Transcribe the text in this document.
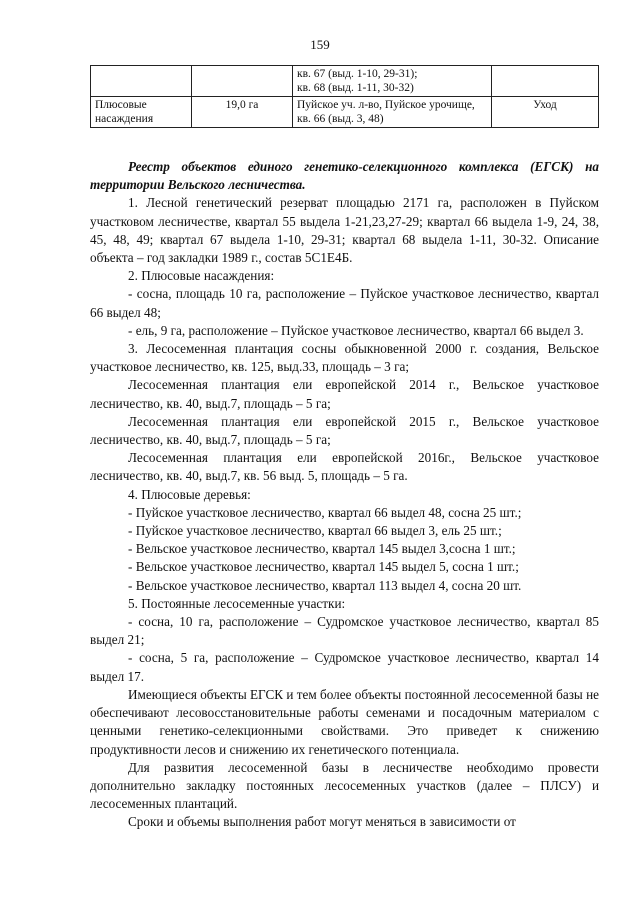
159
		кв. 67 (выд. 1-10, 29-31);
кв. 68 (выд. 1-11, 30-32)	
Плюсовые насаждения	19,0 га	Пуйское уч. л-во, Пуйское урочище, кв. 66 (выд. 3, 48)	Уход

Реестр объектов единого генетико-селекционного комплекса (ЕГСК) на территории Вельского лесничества.

1. Лесной генетический резерват площадью 2171 га, расположен в Пуйском участковом лесничестве, квартал 55 выдела 1-21,23,27-29; квартал 66 выдела 1-9, 24, 38, 45, 48, 49; квартал 67 выдела 1-10, 29-31; квартал 68 выдела 1-11, 30-32. Описание объекта – год закладки 1989 г., состав 5С1Е4Б.

2. Плюсовые насаждения:

- сосна, площадь 10 га, расположение – Пуйское участковое лесничество, квартал 66 выдел 48;

- ель, 9 га, расположение – Пуйское участковое лесничество, квартал 66 выдел 3.

3. Лесосеменная плантация сосны обыкновенной 2000 г. создания, Вельское участковое лесничество, кв. 125, выд.33, площадь – 3 га;

Лесосеменная плантация ели европейской 2014 г., Вельское участковое лесничество, кв. 40, выд.7, площадь – 5 га;

Лесосеменная плантация ели европейской 2015 г., Вельское участковое лесничество, кв. 40, выд.7, площадь – 5 га;

Лесосеменная плантация ели европейской 2016г., Вельское участковое лесничество, кв. 40, выд.7, кв. 56 выд. 5, площадь – 5 га.

4. Плюсовые деревья:

- Пуйское участковое лесничество, квартал 66 выдел 48, сосна 25 шт.;

- Пуйское участковое лесничество, квартал 66 выдел 3, ель 25 шт.;

- Вельское участковое лесничество, квартал 145 выдел 3,сосна 1 шт.;

- Вельское участковое лесничество, квартал 145 выдел 5, сосна 1 шт.;

- Вельское участковое лесничество, квартал 113 выдел 4, сосна 20 шт.

5. Постоянные лесосеменные участки:

- сосна, 10 га, расположение – Судромское участковое лесничество, квартал 85 выдел 21;

- сосна, 5 га, расположение – Судромское участковое лесничество, квартал 14 выдел 17.

Имеющиеся объекты ЕГСК и тем более объекты постоянной лесосеменной базы не обеспечивают лесовосстановительные работы семенами и посадочным материалом с ценными генетико-селекционными свойствами. Это приведет к снижению продуктивности лесов и снижению их генетического потенциала.

Для развития лесосеменной базы в лесничестве необходимо провести дополнительно закладку постоянных лесосеменных участков (далее – ПЛСУ) и лесосеменных плантаций.

Сроки и объемы выполнения работ могут меняться в зависимости от
